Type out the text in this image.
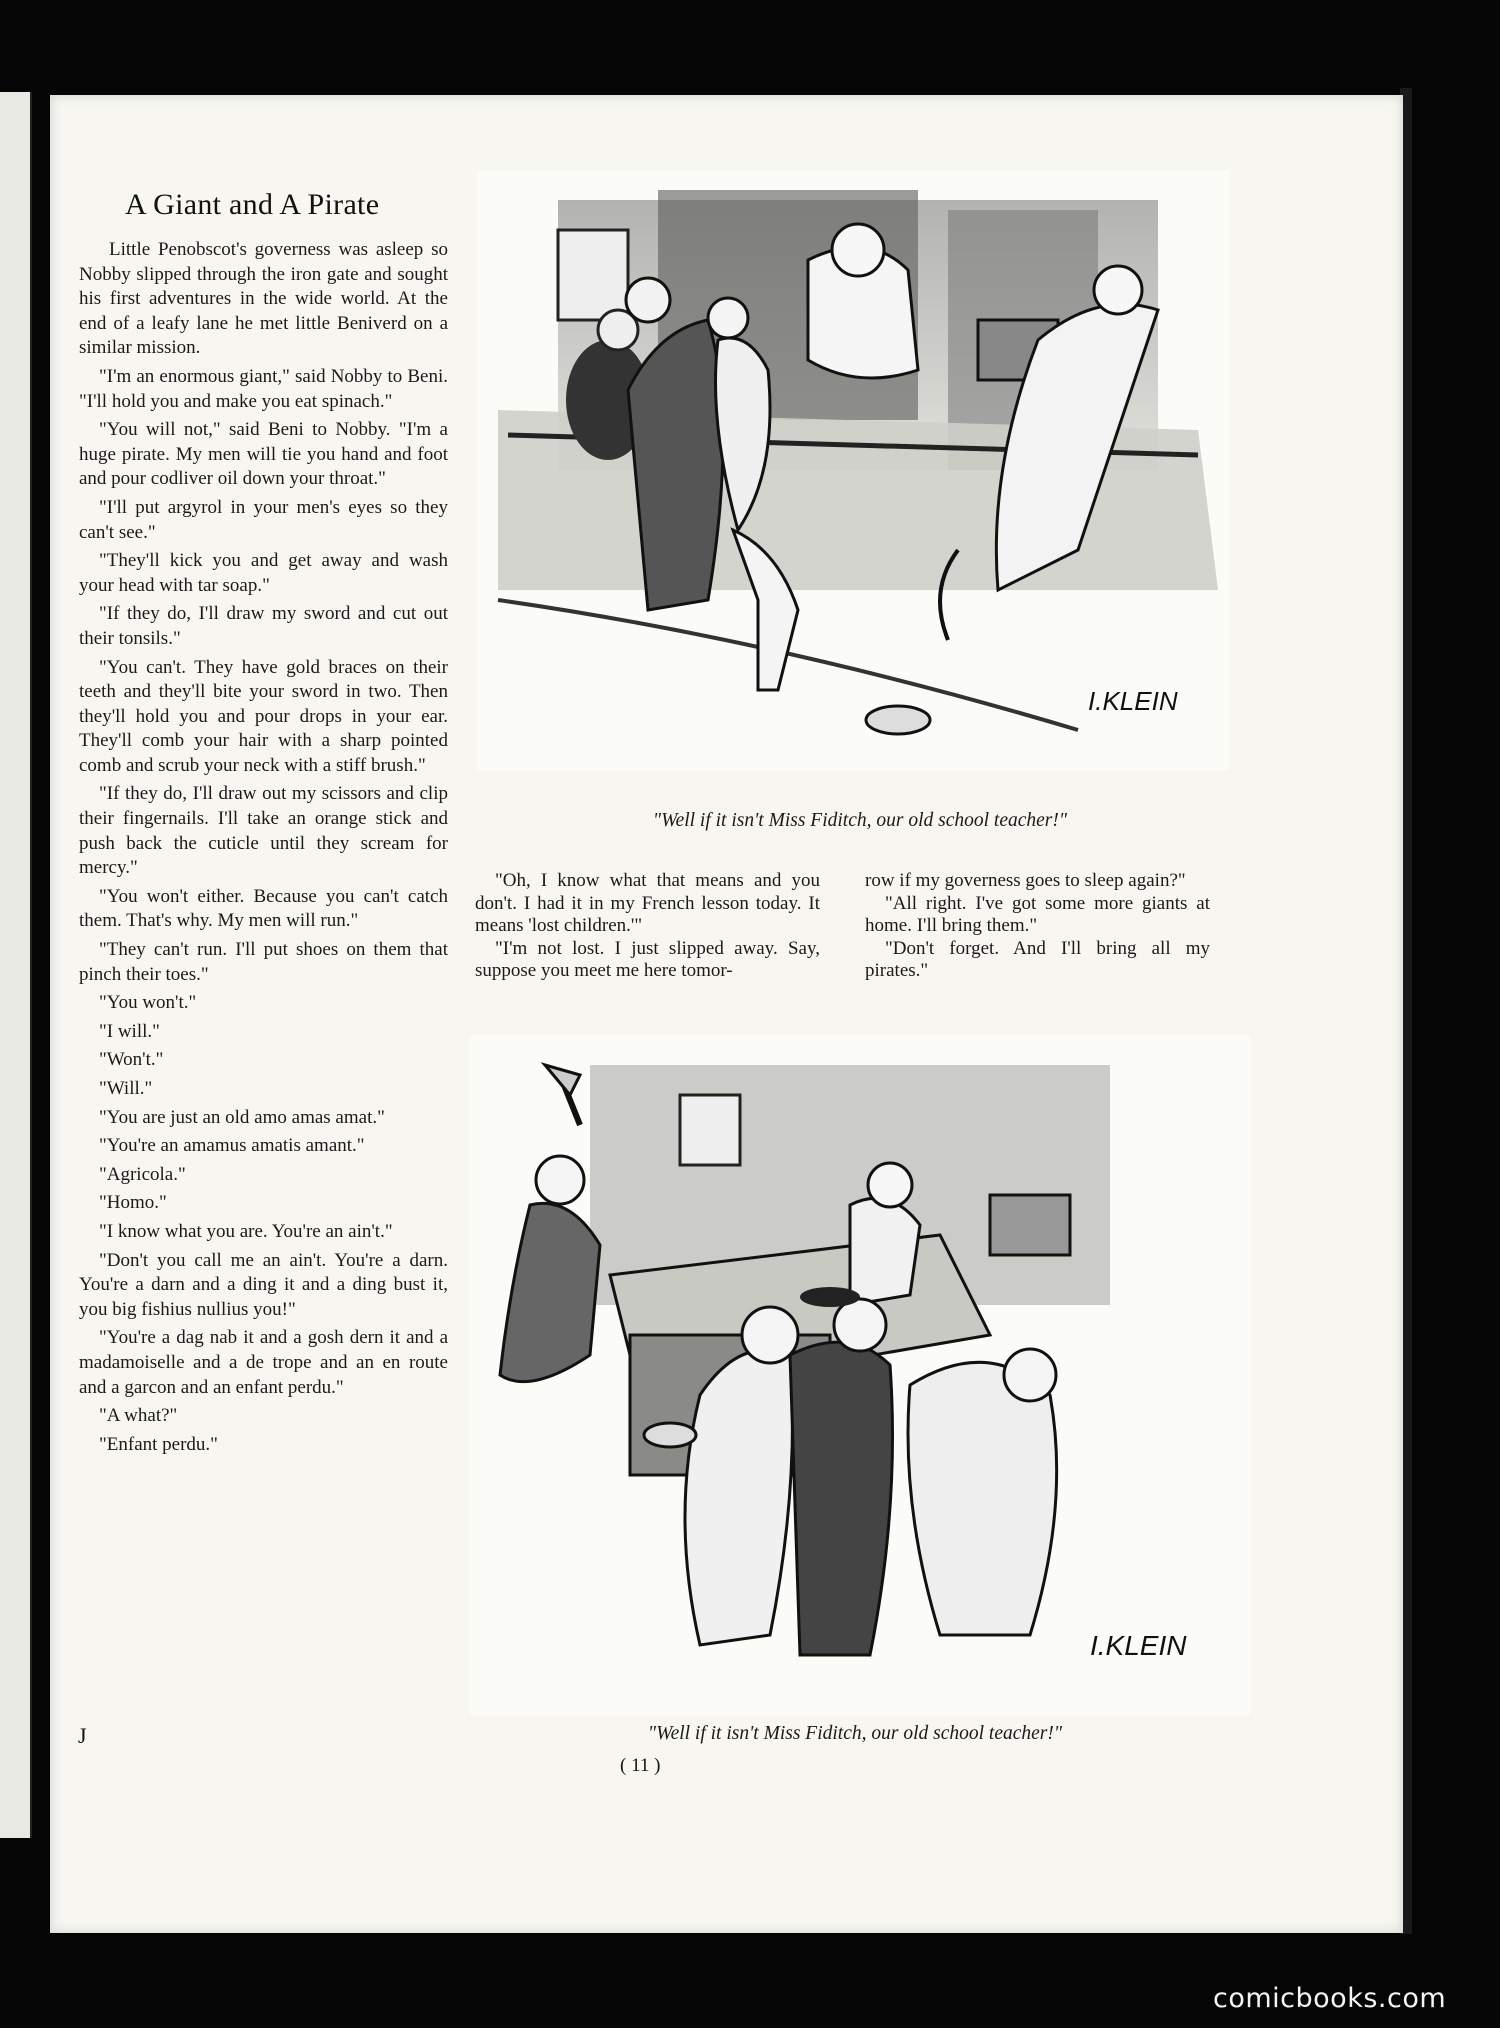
A Giant and A Pirate

Little Penobscot's governess was asleep so Nobby slipped through the iron gate and sought his first adventures in the wide world. At the end of a leafy lane he met little Beniverd on a similar mission.

"I'm an enormous giant," said Nobby to Beni. "I'll hold you and make you eat spinach."

"You will not," said Beni to Nobby. "I'm a huge pirate. My men will tie you hand and foot and pour codliver oil down your throat."

"I'll put argyrol in your men's eyes so they can't see."

"They'll kick you and get away and wash your head with tar soap."

"If they do, I'll draw my sword and cut out their tonsils."

"You can't. They have gold braces on their teeth and they'll bite your sword in two. Then they'll hold you and pour drops in your ear. They'll comb your hair with a sharp pointed comb and scrub your neck with a stiff brush."

"If they do, I'll draw out my scissors and clip their fingernails. I'll take an orange stick and push back the cuticle until they scream for mercy."

"You won't either. Because you can't catch them. That's why. My men will run."

"They can't run. I'll put shoes on them that pinch their toes."

"You won't."

"I will."

"Won't."

"Will."

"You are just an old amo amas amat."

"You're an amamus amatis amant."

"Agricola."

"Homo."

"I know what you are. You're an ain't."

"Don't you call me an ain't. You're a darn. You're a darn and a ding it and a ding bust it, you big fishius nullius you!"

"You're a dag nab it and a gosh dern it and a madamoiselle and a de trope and an en route and a garcon and an enfant perdu."

"A what?"

"Enfant perdu."

J
I.KLEIN
"Well if it isn't Miss Fiditch, our old school teacher!"

"Oh, I know what that means and you don't. I had it in my French lesson today. It means 'lost children.'"

"I'm not lost. I just slipped away. Say, suppose you meet me here tomor-

row if my governess goes to sleep again?"

"All right. I've got some more giants at home. I'll bring them."

"Don't forget. And I'll bring all my pirates."

I.KLEIN
"Well if it isn't Miss Fiditch, our old school teacher!"
( 11 )
comicbooks.com
